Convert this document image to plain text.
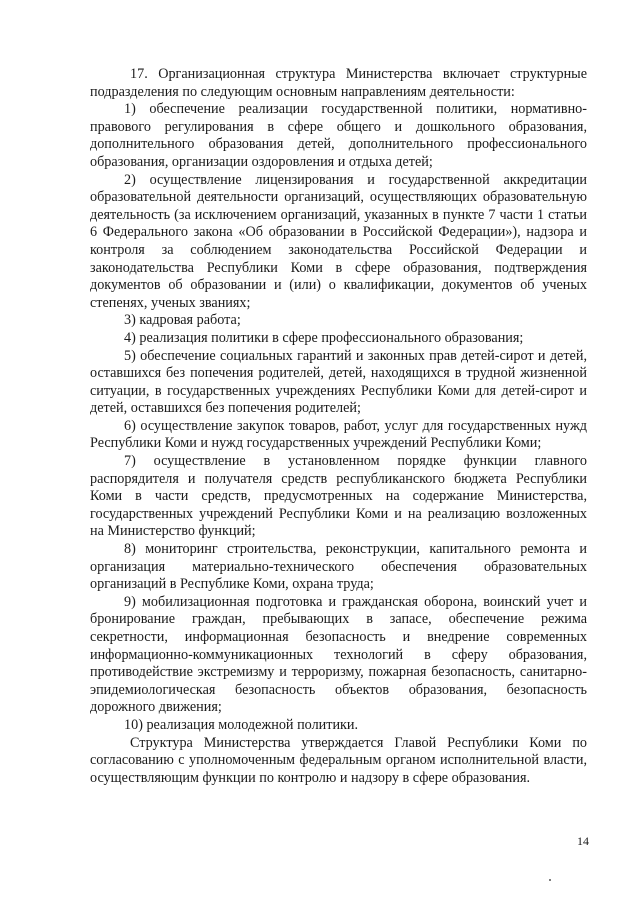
17. Организационная структура Министерства включает структурные подразделения по следующим основным направлениям деятельности:

1) обеспечение реализации государственной политики, нормативно-правового регулирования в сфере общего и дошкольного образования, дополнительного образования детей, дополнительного профессионального образования, организации оздоровления и отдыха детей;

2) осуществление лицензирования и государственной аккредитации образовательной деятельности организаций, осуществляющих образовательную деятельность (за исключением организаций, указанных в пункте 7 части 1 статьи 6 Федерального закона «Об образовании в Российской Федерации»), надзора и контроля за соблюдением законодательства Российской Федерации и законодательства Республики Коми в сфере образования, подтверждения документов об образовании и (или) о квалификации, документов об ученых степенях, ученых званиях;

3) кадровая работа;

4) реализация политики в сфере профессионального образования;

5) обеспечение социальных гарантий и законных прав детей-сирот и детей, оставшихся без попечения родителей, детей, находящихся в трудной жизненной ситуации, в государственных учреждениях Республики Коми для детей-сирот и детей, оставшихся без попечения родителей;

6) осуществление закупок товаров, работ, услуг для государственных нужд Республики Коми и нужд государственных учреждений Республики Коми;

7) осуществление в установленном порядке функции главного распорядителя и получателя средств республиканского бюджета Республики Коми в части средств, предусмотренных на содержание Министерства, государственных учреждений Республики Коми и на реализацию возложенных на Министерство функций;

8) мониторинг строительства, реконструкции, капитального ремонта и организация материально-технического обеспечения образовательных организаций в Республике Коми, охрана труда;

9) мобилизационная подготовка и гражданская оборона, воинский учет и бронирование граждан, пребывающих в запасе, обеспечение режима секретности, информационная безопасность и внедрение современных информационно-коммуникационных технологий в сферу образования, противодействие экстремизму и терроризму, пожарная безопасность, санитарно-эпидемиологическая безопасность объектов образования, безопасность дорожного движения;

10) реализация молодежной политики.

Структура Министерства утверждается Главой Республики Коми по согласованию с уполномоченным федеральным органом исполнительной власти, осуществляющим функции по контролю и надзору в сфере образования.

14
